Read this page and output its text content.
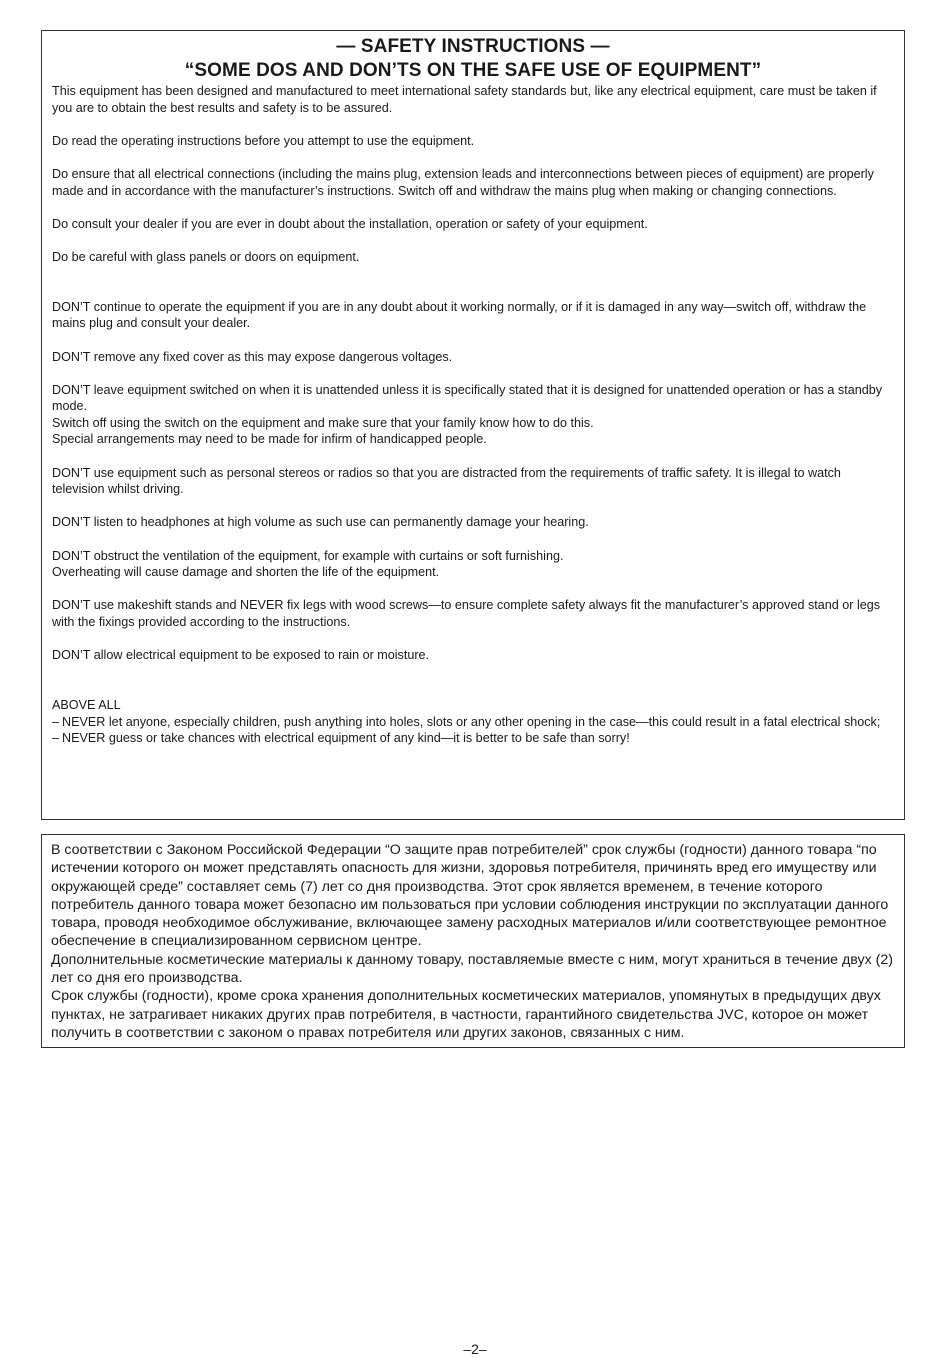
— SAFETY INSTRUCTIONS —
“SOME DOS AND DON’TS ON THE SAFE USE OF EQUIPMENT”

This equipment has been designed and manufactured to meet international safety standards but, like any electrical equipment, care must be taken if you are to obtain the best results and safety is to be assured.

Do read the operating instructions before you attempt to use the equipment.

Do ensure that all electrical connections (including the mains plug, extension leads and interconnections between pieces of equipment) are properly made and in accordance with the manufacturer’s instructions. Switch off and withdraw the mains plug when making or changing connections.

Do consult your dealer if you are ever in doubt about the installation, operation or safety of your equipment.

Do be careful with glass panels or doors on equipment.

DON’T continue to operate the equipment if you are in any doubt about it working normally, or if it is damaged in any way—switch off, withdraw the mains plug and consult your dealer.

DON’T remove any fixed cover as this may expose dangerous voltages.

DON’T leave equipment switched on when it is unattended unless it is specifically stated that it is designed for unattended operation or has a standby mode.

Switch off using the switch on the equipment and make sure that your family know how to do this.

Special arrangements may need to be made for infirm of handicapped people.

DON’T use equipment such as personal stereos or radios so that you are distracted from the requirements of traffic safety. It is illegal to watch television whilst driving.

DON’T listen to headphones at high volume as such use can permanently damage your hearing.

DON’T obstruct the ventilation of the equipment, for example with curtains or soft furnishing.

Overheating will cause damage and shorten the life of the equipment.

DON’T use makeshift stands and NEVER fix legs with wood screws—to ensure complete safety always fit the manufacturer’s approved stand or legs with the fixings provided according to the instructions.

DON’T allow electrical equipment to be exposed to rain or moisture.

ABOVE ALL

– NEVER let anyone, especially children, push anything into holes, slots or any other opening in the case—this could result in a fatal electrical shock;

– NEVER guess or take chances with electrical equipment of any kind—it is better to be safe than sorry!

В соответствии с Законом Российской Федерации “О защите прав потребителей” срок службы (годности) данного товара “по истечении которого он может представлять опасность для жизни, здоровья потребителя, причинять вред его имуществу или окружающей среде” составляет семь (7) лет со дня производства. Этот срок является временем, в течение которого потребитель данного товара может безопасно им пользоваться при условии соблюдения инструкции по эксплуатации данного товара, проводя необходимое обслуживание, включающее замену расходных материалов и/или соответствующее ремонтное обеспечение в специализированном сервисном центре.

Дополнительные косметические материалы к данному товару, поставляемые вместе с ним, могут храниться в течение двух (2) лет со дня его производства.

Срок службы (годности), кроме срока хранения дополнительных косметических материалов, упомянутых в предыдущих двух пунктах, не затрагивает никаких других прав потребителя, в частности, гарантийного свидетельства JVC, которое он может получить в соответствии с законом о правах потребителя или других законов, связанных с ним.

–2–
